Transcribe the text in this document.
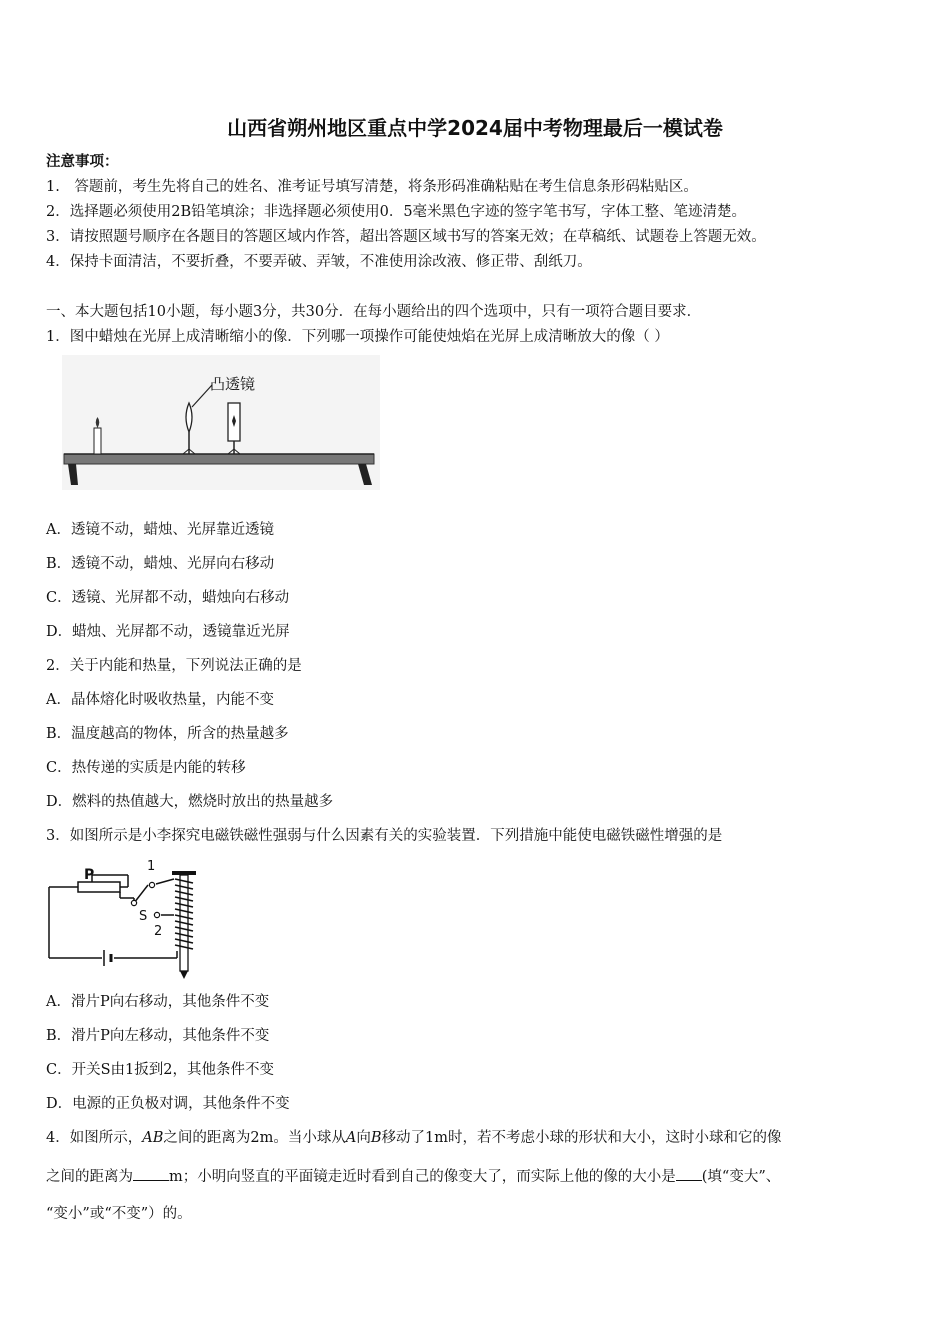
山西省朔州地区重点中学2024届中考物理最后一模试卷
注意事项：
1.　答题前，考生先将自己的姓名、准考证号填写清楚，将条形码准确粘贴在考生信息条形码粘贴区。
2．选择题必须使用2B铅笔填涂；非选择题必须使用0．5毫米黑色字迹的签字笔书写，字体工整、笔迹清楚。
3．请按照题号顺序在各题目的答题区域内作答，超出答题区域书写的答案无效；在草稿纸、试题卷上答题无效。
4．保持卡面清洁，不要折叠，不要弄破、弄皱，不准使用涂改液、修正带、刮纸刀。
一、本大题包括10小题，每小题3分，共30分．在每小题给出的四个选项中，只有一项符合题目要求．
1．图中蜡烛在光屏上成清晰缩小的像．下列哪一项操作可能使烛焰在光屏上成清晰放大的像（ ）
凸透镜
A．透镜不动，蜡烛、光屏靠近透镜
B．透镜不动，蜡烛、光屏向右移动
C．透镜、光屏都不动，蜡烛向右移动
D．蜡烛、光屏都不动，透镜靠近光屏
2．关于内能和热量，下列说法正确的是
A．晶体熔化时吸收热量，内能不变
B．温度越高的物体，所含的热量越多
C．热传递的实质是内能的转移
D．燃料的热值越大，燃烧时放出的热量越多
3．如图所示是小李探究电磁铁磁性强弱与什么因素有关的实验装置．下列措施中能使电磁铁磁性增强的是
P
1
S
2
A．滑片P向右移动，其他条件不变
B．滑片P向左移动，其他条件不变
C．开关S由1扳到2，其他条件不变
D．电源的正负极对调，其他条件不变
4．如图所示，AB之间的距离为2m。当小球从A向B移动了1m时，若不考虑小球的形状和大小，这时小球和它的像
之间的距离为 m；小明向竖直的平面镜走近时看到自己的像变大了，而实际上他的像的大小是 (填“变大”、
“变小”或“不变”）的。
